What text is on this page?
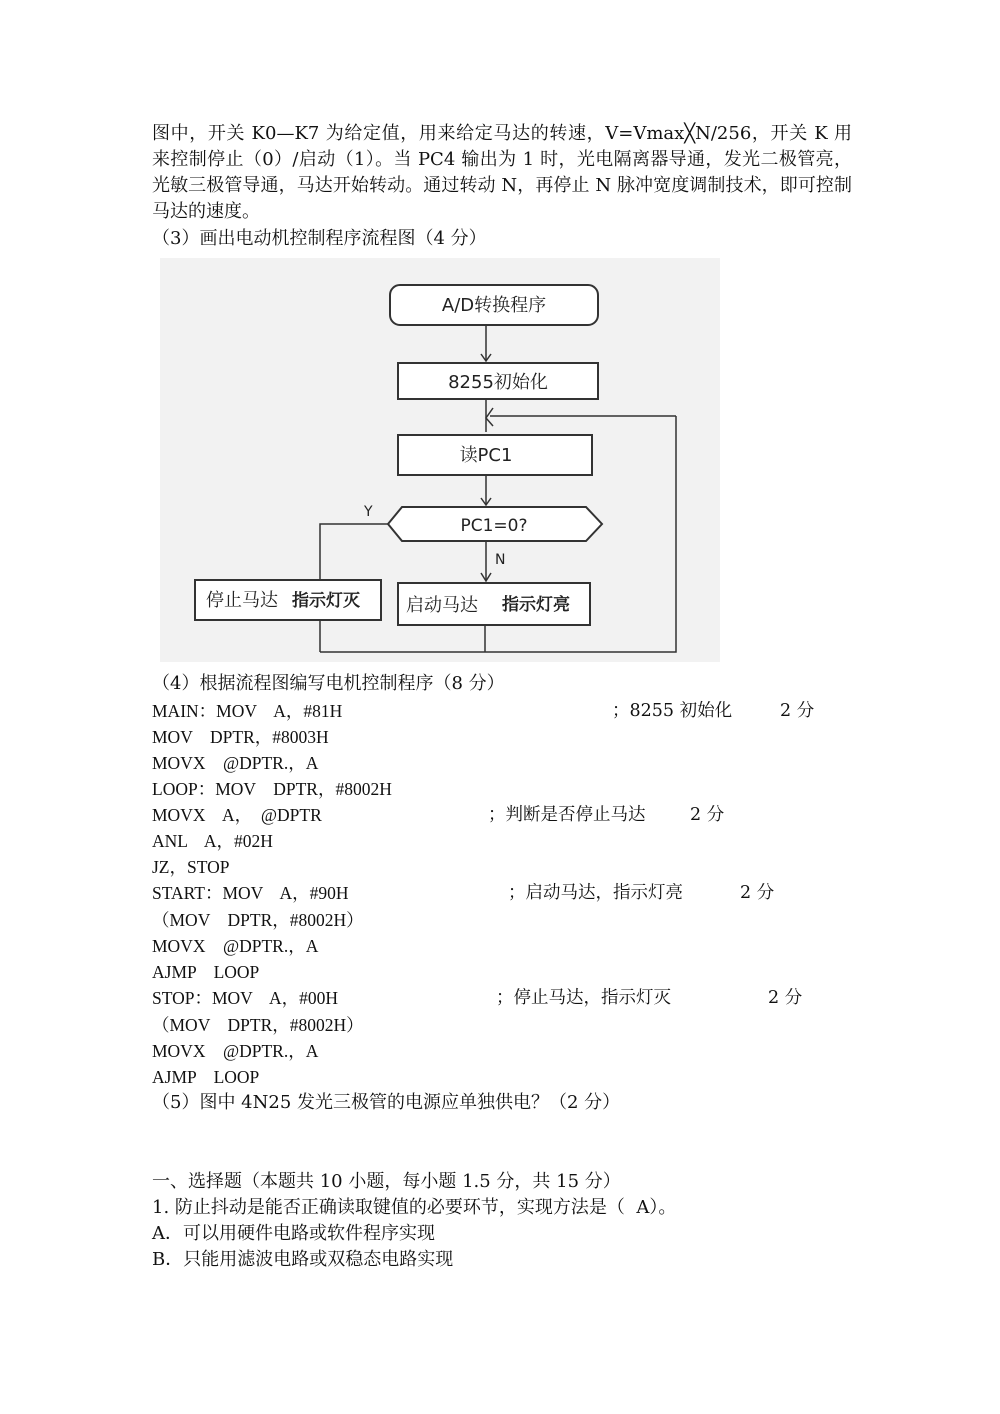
图中，开关 K0—K7 为给定值，用来给定马达的转速，V=Vmax╳N/256，开关 K 用来控制停止（0）/启动（1）。当 PC4 输出为 1 时，光电隔离器导通，发光二极管亮，光敏三极管导通，马达开始转动。通过转动 N，再停止 N 脉冲宽度调制技术，即可控制马达的速度。
（3）画出电动机控制程序流程图（4 分）
A/D转换程序
8255初始化
读PC1
PC1=0?
Y
N
停止马达 指示灯灭	启动马达 指示灯亮
（4）根据流程图编写电机控制程序（8 分）
MAIN：MOV    A，#81H	；8255 初始化	2 分
MOV    DPTR，#8003H
MOVX    @DPTR.，A
LOOP：MOV    DPTR，#8002H
MOVX    A，  @DPTR	；判断是否停止马达	2 分
ANL    A，#02H
JZ，STOP
START：MOV    A，#90H	；启动马达，指示灯亮	2 分
（MOV    DPTR，#8002H）
MOVX    @DPTR.，A
AJMP    LOOP
STOP：MOV    A，#00H	；停止马达，指示灯灭	2 分
（MOV    DPTR，#8002H）
MOVX    @DPTR.，A
AJMP    LOOP
（5）图中 4N25 发光三极管的电源应单独供电？（2 分）
一、选择题（本题共 10 小题，每小题 1.5 分，共 15 分）
1. 防止抖动是能否正确读取键值的必要环节，实现方法是（  A）。
A．可以用硬件电路或软件程序实现
B．只能用滤波电路或双稳态电路实现
